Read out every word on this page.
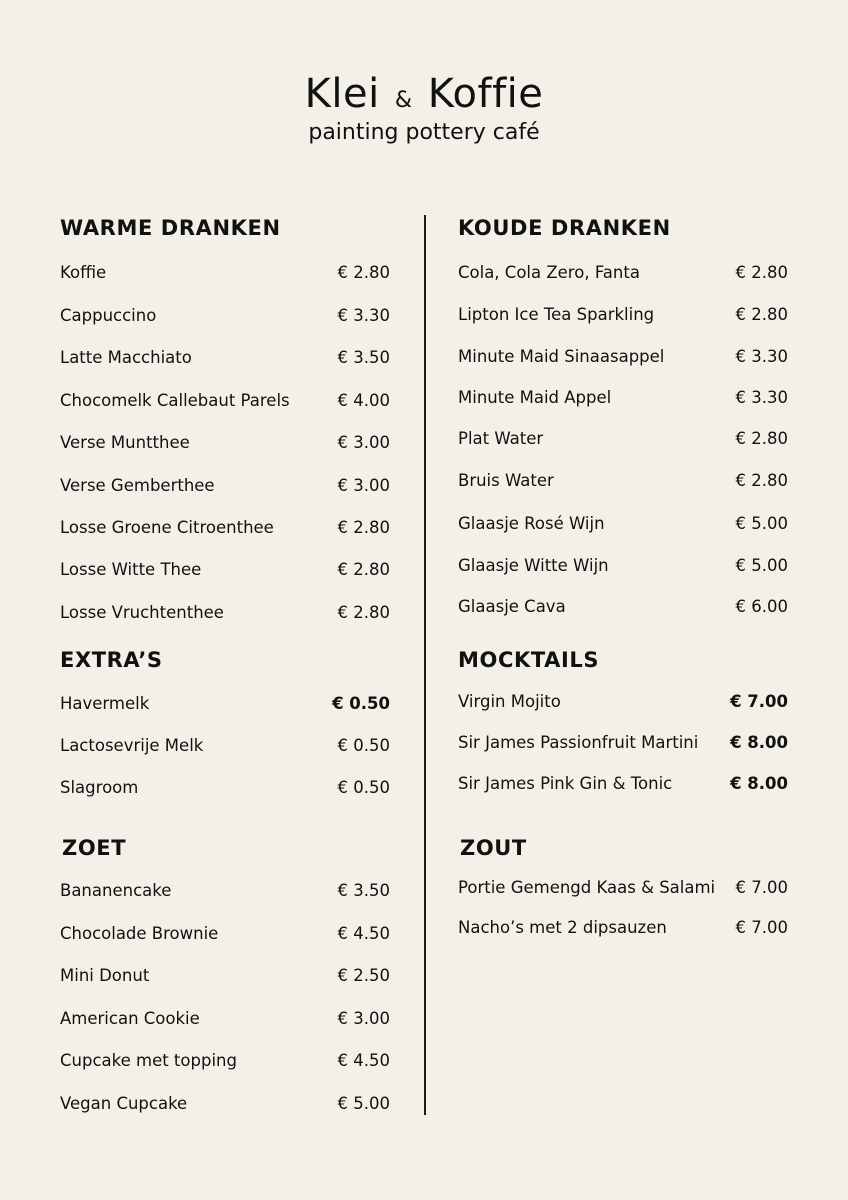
Klei & Koffie
painting pottery café
WARME DRANKEN
Koffie	€ 2.80
Cappuccino	€ 3.30
Latte Macchiato	€ 3.50
Chocomelk Callebaut Parels	€ 4.00
Verse Muntthee	€ 3.00
Verse Gemberthee	€ 3.00
Losse Groene Citroenthee	€ 2.80
Losse Witte Thee	€ 2.80
Losse Vruchtenthee	€ 2.80
EXTRA’S
Havermelk	€ 0.50
Lactosevrije Melk	€ 0.50
Slagroom	€ 0.50
ZOET
Bananencake	€ 3.50
Chocolade Brownie	€ 4.50
Mini Donut	€ 2.50
American Cookie	€ 3.00
Cupcake met topping	€ 4.50
Vegan Cupcake	€ 5.00
KOUDE DRANKEN
Cola, Cola Zero, Fanta	€ 2.80
Lipton Ice Tea Sparkling	€ 2.80
Minute Maid Sinaasappel	€ 3.30
Minute Maid Appel	€ 3.30
Plat Water	€ 2.80
Bruis Water	€ 2.80
Glaasje Rosé Wijn	€ 5.00
Glaasje Witte Wijn	€ 5.00
Glaasje Cava	€ 6.00
MOCKTAILS
Virgin Mojito	€ 7.00
Sir James Passionfruit Martini € 8.00
Sir James Pink Gin & Tonic	€ 8.00
ZOUT
Portie Gemengd Kaas & Salami € 7.00
Nacho’s met 2 dipsauzen	€ 7.00
